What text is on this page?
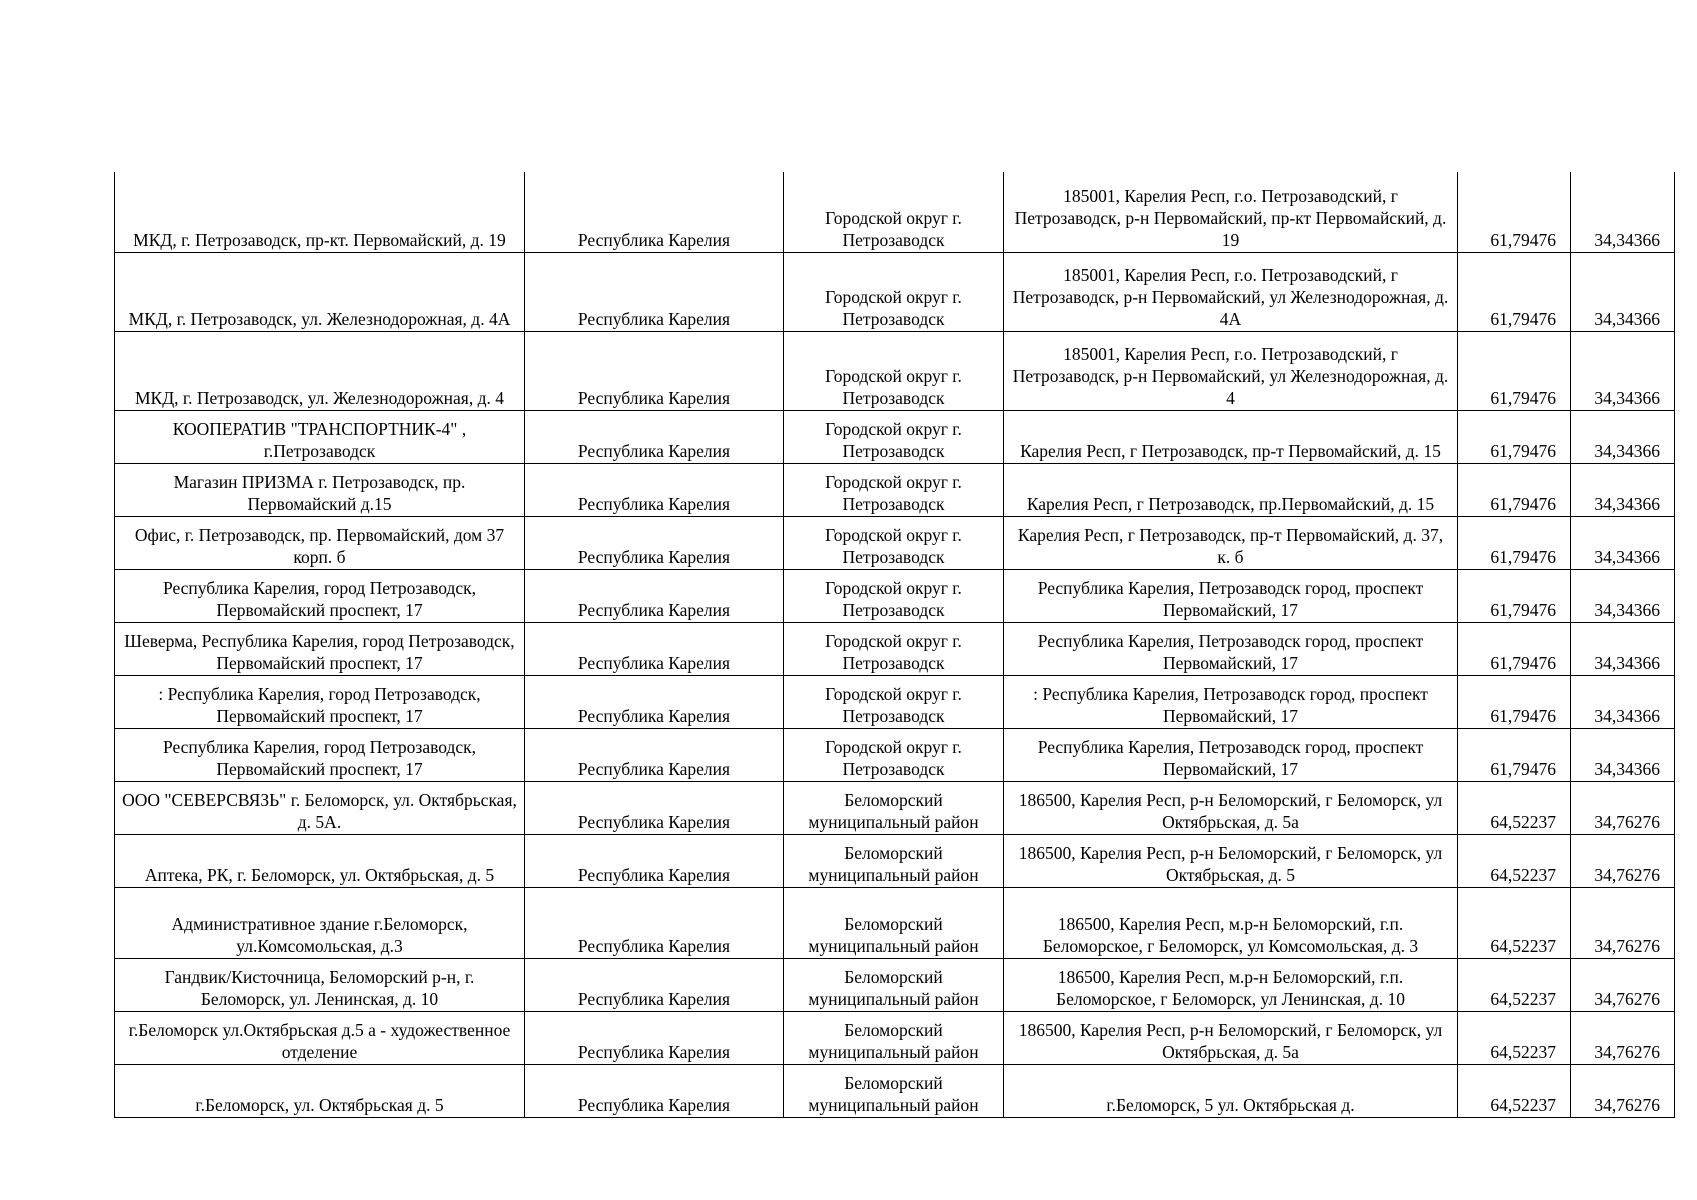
МКД, г. Петрозаводск, пр-кт. Первомайский, д. 19	Республика Карелия	Городской округ г. Петрозаводск	185001, Карелия Респ, г.о. Петрозаводский, г Петрозаводск, р-н Первомайский, пр-кт Первомайский, д. 19	61,79476	34,34366
МКД, г. Петрозаводск, ул. Железнодорожная, д. 4А	Республика Карелия	Городской округ г. Петрозаводск	185001, Карелия Респ, г.о. Петрозаводский, г Петрозаводск, р-н Первомайский, ул Железнодорожная, д. 4А	61,79476	34,34366
МКД, г. Петрозаводск, ул. Железнодорожная, д. 4	Республика Карелия	Городской округ г. Петрозаводск	185001, Карелия Респ, г.о. Петрозаводский, г Петрозаводск, р-н Первомайский, ул Железнодорожная, д. 4	61,79476	34,34366
КООПЕРАТИВ "ТРАНСПОРТНИК-4" , г.Петрозаводск	Республика Карелия	Городской округ г. Петрозаводск	Карелия Респ, г Петрозаводск, пр-т Первомайский, д. 15	61,79476	34,34366
Магазин ПРИЗМА г. Петрозаводск, пр. Первомайский д.15	Республика Карелия	Городской округ г. Петрозаводск	Карелия Респ, г Петрозаводск, пр.Первомайский, д. 15	61,79476	34,34366
Офис, г. Петрозаводск, пр. Первомайский, дом 37 корп. б	Республика Карелия	Городской округ г. Петрозаводск	Карелия Респ, г Петрозаводск, пр-т Первомайский, д. 37, к. б	61,79476	34,34366
Республика Карелия, город Петрозаводск, Первомайский проспект, 17	Республика Карелия	Городской округ г. Петрозаводск	Республика Карелия, Петрозаводск город, проспект Первомайский, 17	61,79476	34,34366
Шеверма, Республика Карелия, город Петрозаводск, Первомайский проспект, 17	Республика Карелия	Городской округ г. Петрозаводск	Республика Карелия, Петрозаводск город, проспект Первомайский, 17	61,79476	34,34366
: Республика Карелия, город Петрозаводск, Первомайский проспект, 17	Республика Карелия	Городской округ г. Петрозаводск	: Республика Карелия, Петрозаводск город, проспект Первомайский, 17	61,79476	34,34366
Республика Карелия, город Петрозаводск, Первомайский проспект, 17	Республика Карелия	Городской округ г. Петрозаводск	Республика Карелия, Петрозаводск город, проспект Первомайский, 17	61,79476	34,34366
ООО "СЕВЕРСВЯЗЬ" г. Беломорск, ул. Октябрьская, д. 5А.	Республика Карелия	Беломорский муниципальный район	186500, Карелия Респ, р-н Беломорский, г Беломорск, ул Октябрьская, д. 5а	64,52237	34,76276
Аптека, РК, г. Беломорск, ул. Октябрьская, д. 5	Республика Карелия	Беломорский муниципальный район	186500, Карелия Респ, р-н Беломорский, г Беломорск, ул Октябрьская, д. 5	64,52237	34,76276
Административное здание г.Беломорск, ул.Комсомольская, д.3	Республика Карелия	Беломорский муниципальный район	186500, Карелия Респ, м.р-н Беломорский, г.п. Беломорское, г Беломорск, ул Комсомольская, д. 3	64,52237	34,76276
Гандвик/Кисточница, Беломорский р-н, г. Беломорск, ул. Ленинская, д. 10	Республика Карелия	Беломорский муниципальный район	186500, Карелия Респ, м.р-н Беломорский, г.п. Беломорское, г Беломорск, ул Ленинская, д. 10	64,52237	34,76276
г.Беломорск ул.Октябрьская д.5 а - художественное отделение	Республика Карелия	Беломорский муниципальный район	186500, Карелия Респ, р-н Беломорский, г Беломорск, ул Октябрьская, д. 5а	64,52237	34,76276
г.Беломорск, ул. Октябрьская д. 5	Республика Карелия	Беломорский муниципальный район	г.Беломорск, 5 ул. Октябрьская д.	64,52237	34,76276
